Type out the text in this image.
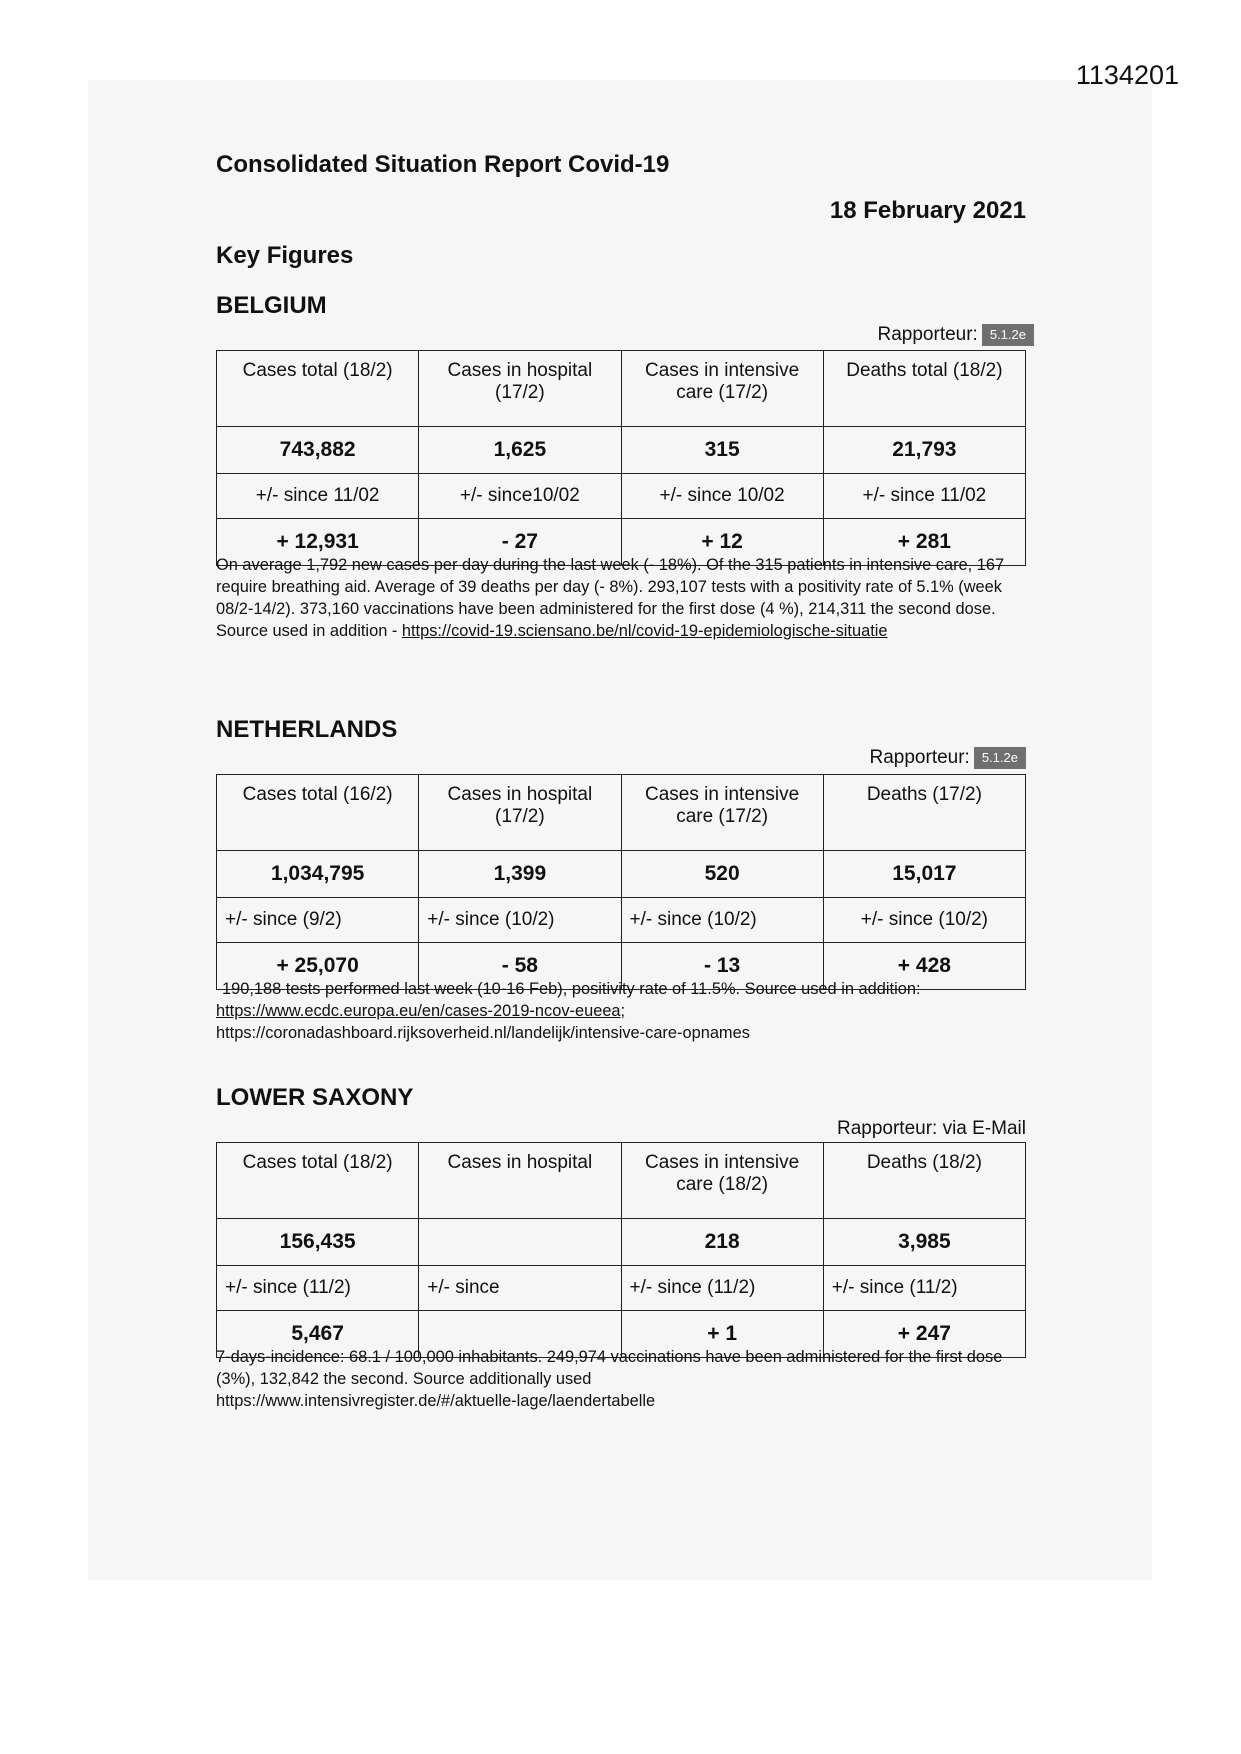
1134201
Consolidated Situation Report Covid-19
18 February 2021
Key Figures
BELGIUM
Rapporteur: 5.1.2e
Cases total (18/2)	Cases in hospital (17/2)	Cases in intensive care (17/2)	Deaths total (18/2)
743,882	1,625	315	21,793
+/- since 11/02	+/- since10/02	+/- since 10/02	+/- since 11/02
+ 12,931	- 27	+ 12	+ 281
On average 1,792 new cases per day during the last week (- 18%). Of the 315 patients in intensive care, 167 require breathing aid. Average of 39 deaths per day (- 8%). 293,107 tests with a positivity rate of 5.1% (week 08/2-14/2). 373,160 vaccinations have been administered for the first dose (4 %), 214,311 the second dose. Source used in addition - https://covid-19.sciensano.be/nl/covid-19-epidemiologische-situatie
NETHERLANDS
Rapporteur: 5.1.2e
Cases total (16/2)	Cases in hospital (17/2)	Cases in intensive care (17/2)	Deaths (17/2)
1,034,795	1,399	520	15,017
+/- since (9/2)	+/- since (10/2)	+/- since (10/2)	+/- since (10/2)
+ 25,070	- 58	- 13	+ 428
190,188 tests performed last week (10-16 Feb), positivity rate of 11.5%. Source used in addition:
https://www.ecdc.europa.eu/en/cases-2019-ncov-eueea;
https://coronadashboard.rijksoverheid.nl/landelijk/intensive-care-opnames
LOWER SAXONY
Rapporteur: via E-Mail
Cases total (18/2)	Cases in hospital	Cases in intensive care (18/2)	Deaths (18/2)
156,435		218	3,985
+/- since (11/2)	+/- since	+/- since (11/2)	+/- since (11/2)
5,467		+ 1	+ 247
7-days-incidence: 68.1 / 100,000 inhabitants. 249,974 vaccinations have been administered for the first dose (3%), 132,842 the second. Source additionally used
https://www.intensivregister.de/#/aktuelle-lage/laendertabelle
